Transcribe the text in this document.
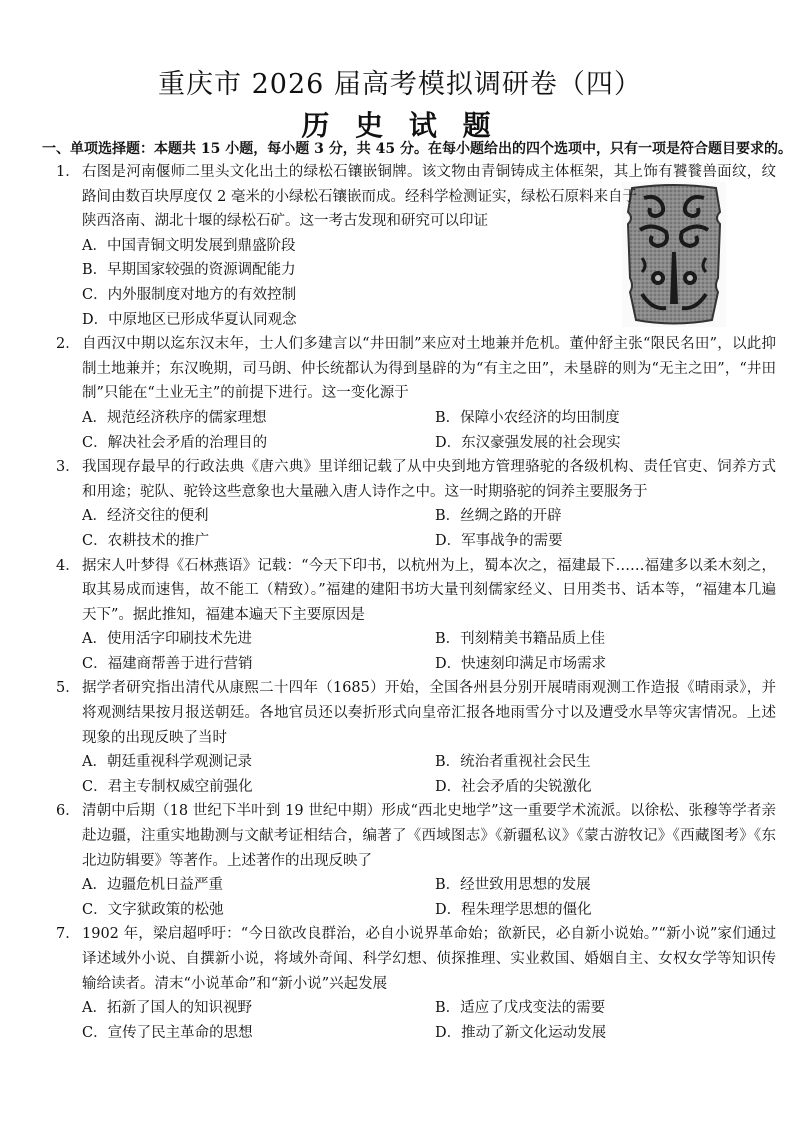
重庆市 2026 届高考模拟调研卷（四）
历 史 试 题
一、单项选择题：本题共 15 小题，每小题 3 分，共 45 分。在每小题给出的四个选项中，只有一项是符合题目要求的。
1． 右图是河南偃师二里头文化出土的绿松石镶嵌铜牌。该文物由青铜铸成主体框架，其上饰有饕餮兽面纹，纹路间由数百块厚度仅 2 毫米的小绿松石镶嵌而成。经科学检测证实，绿松石原料来自于

陕西洛南、湖北十堰的绿松石矿。这一考古发现和研究可以印证

A．中国青铜文明发展到鼎盛阶段
B．早期国家较强的资源调配能力
C．内外服制度对地方的有效控制
D．中原地区已形成华夏认同观念
2． 自西汉中期以迄东汉末年，士人们多建言以“井田制”来应对土地兼并危机。董仲舒主张“限民名田”，以此抑制土地兼并；东汉晚期，司马朗、仲长统都认为得到垦辟的为“有主之田”，未垦辟的则为“无主之田”，“井田制”只能在“土业无主”的前提下进行。这一变化源于

A．规范经济秩序的儒家理想	B．保障小农经济的均田制度
C．解决社会矛盾的治理目的	D．东汉豪强发展的社会现实
3． 我国现存最早的行政法典《唐六典》里详细记载了从中央到地方管理骆驼的各级机构、责任官吏、饲养方式和用途；驼队、驼铃这些意象也大量融入唐人诗作之中。这一时期骆驼的饲养主要服务于

A．经济交往的便利	B．丝绸之路的开辟
C．农耕技术的推广	D．军事战争的需要
4． 据宋人叶梦得《石林燕语》记载：“今天下印书，以杭州为上，蜀本次之，福建最下……福建多以柔木刻之，取其易成而速售，故不能工（精致）。”福建的建阳书坊大量刊刻儒家经义、日用类书、话本等，“福建本几遍天下”。据此推知，福建本遍天下主要原因是

A．使用活字印刷技术先进	B．刊刻精美书籍品质上佳
C．福建商帮善于进行营销	D．快速刻印满足市场需求
5． 据学者研究指出清代从康熙二十四年（1685）开始，全国各州县分别开展晴雨观测工作造报《晴雨录》，并将观测结果按月报送朝廷。各地官员还以奏折形式向皇帝汇报各地雨雪分寸以及遭受水旱等灾害情况。上述现象的出现反映了当时

A．朝廷重视科学观测记录	B．统治者重视社会民生
C．君主专制权威空前强化	D．社会矛盾的尖锐激化
6． 清朝中后期（18 世纪下半叶到 19 世纪中期）形成“西北史地学”这一重要学术流派。以徐松、张穆等学者亲赴边疆，注重实地勘测与文献考证相结合，编著了《西域图志》《新疆私议》《蒙古游牧记》《西藏图考》《东北边防辑要》等著作。上述著作的出现反映了

A．边疆危机日益严重	B．经世致用思想的发展
C．文字狱政策的松弛	D．程朱理学思想的僵化
7． 1902 年，梁启超呼吁：“今日欲改良群治，必自小说界革命始；欲新民，必自新小说始。”“新小说”家们通过译述域外小说、自撰新小说，将域外奇闻、科学幻想、侦探推理、实业救国、婚姻自主、女权女学等知识传输给读者。清末“小说革命”和“新小说”兴起发展

A．拓新了国人的知识视野	B．适应了戊戌变法的需要
C．宣传了民主革命的思想	D．推动了新文化运动发展
